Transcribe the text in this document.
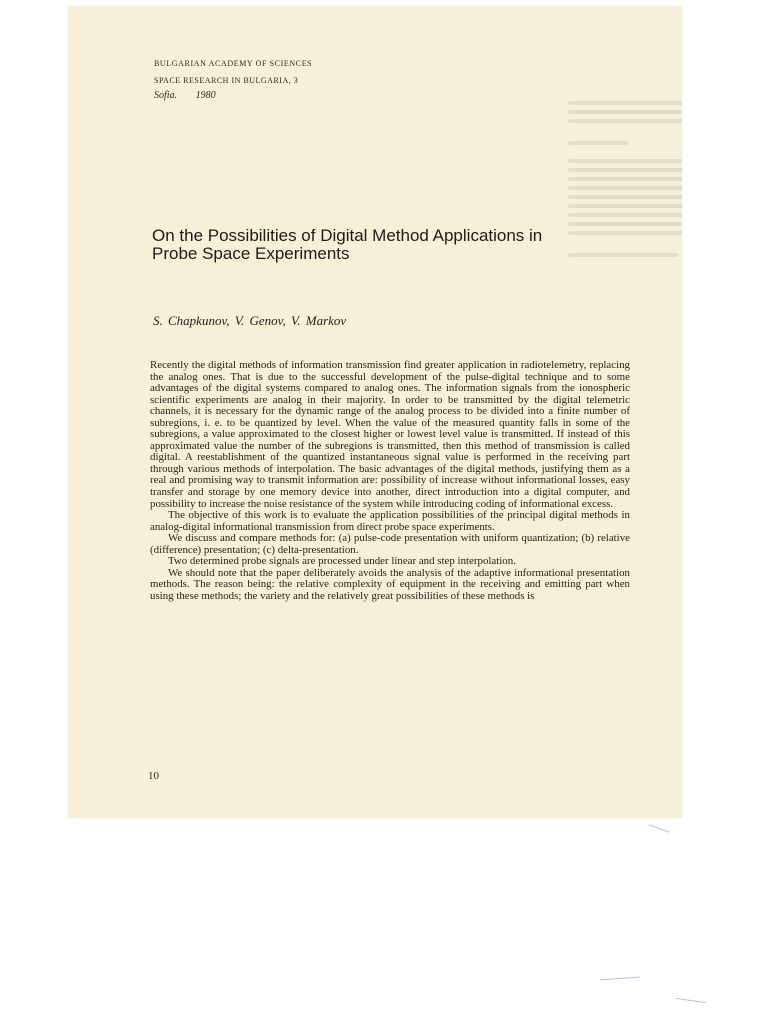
BULGARIAN ACADEMY OF SCIENCES
SPACE RESEARCH IN BULGARIA, 3
Sofia. 1980
On the Possibilities of Digital Method Applications in Probe Space Experiments
S. Chapkunov, V. Genov, V. Markov

Recently the digital methods of information transmission find greater application in radiotelemetry, replacing the analog ones. That is due to the successful development of the pulse-digital technique and to some advantages of the digital systems compared to analog ones. The information signals from the ionospheric scientific experiments are analog in their majority. In order to be transmitted by the digital telemetric channels, it is necessary for the dynamic range of the analog process to be divided into a finite number of subregions, i. e. to be quantized by level. When the value of the measured quantity falls in some of the subregions, a value approximated to the closest higher or lowest level value is transmitted. If instead of this approximated value the number of the subregions is transmitted, then this method of transmission is called digital. A reestablishment of the quantized instantaneous signal value is performed in the receiving part through various methods of interpolation. The basic advantages of the digital methods, justifying them as a real and promising way to transmit information are: possibility of increase without informational losses, easy transfer and storage by one memory device into another, direct introduction into a digital computer, and possibility to increase the noise resistance of the system while introducing coding of informational excess.

The objective of this work is to evaluate the application possibilities of the principal digital methods in analog-digital informational transmission from direct probe space experiments.

We discuss and compare methods for: (a) pulse-code presentation with uniform quantization; (b) relative (difference) presentation; (c) delta-presentation.

Two determined probe signals are processed under linear and step interpolation.

We should note that the paper deliberately avoids the analysis of the adaptive informational presentation methods. The reason being: the relative complexity of equipment in the receiving and emitting part when using these methods; the variety and the relatively great possibilities of these methods is

10
